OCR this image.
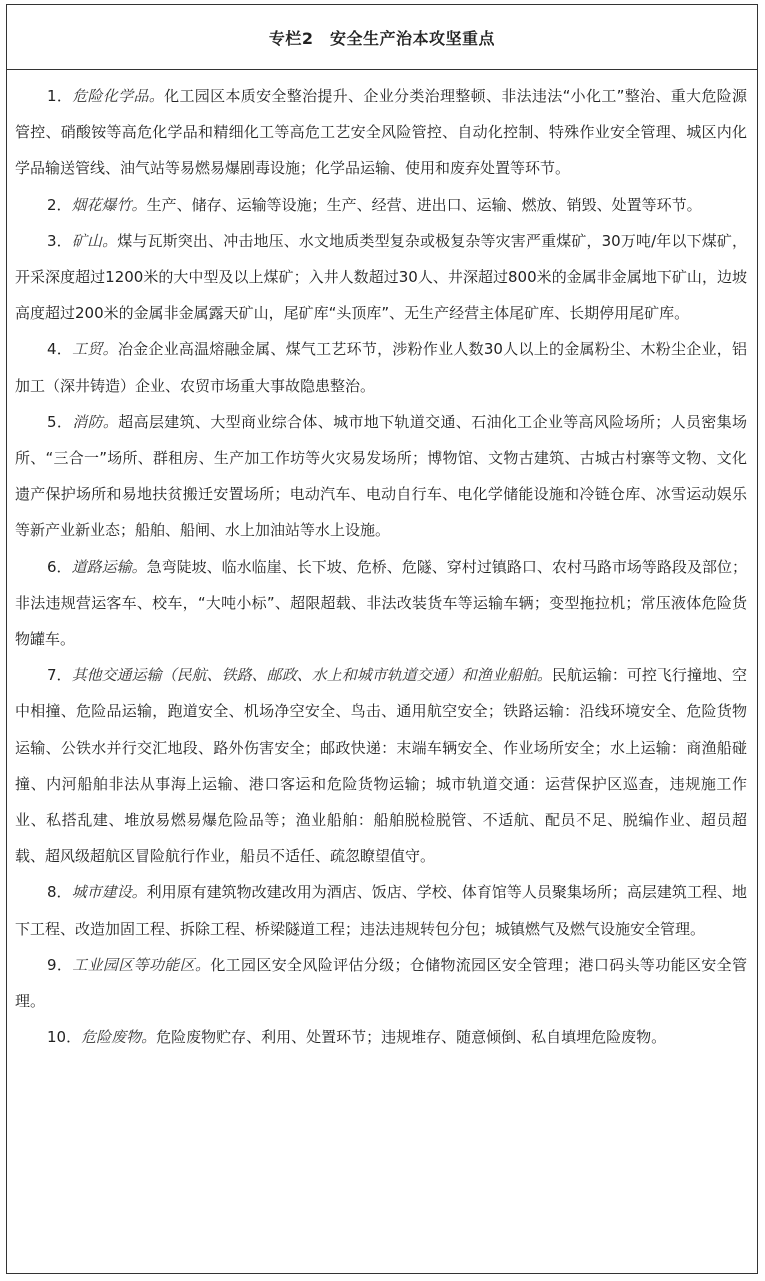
专栏2　安全生产治本攻坚重点

1．危险化学品。化工园区本质安全整治提升、企业分类治理整顿、非法违法“小化工”整治、重大危险源管控、硝酸铵等高危化学品和精细化工等高危工艺安全风险管控、自动化控制、特殊作业安全管理、城区内化学品输送管线、油气站等易燃易爆剧毒设施；化学品运输、使用和废弃处置等环节。

2．烟花爆竹。生产、储存、运输等设施；生产、经营、进出口、运输、燃放、销毁、处置等环节。

3．矿山。煤与瓦斯突出、冲击地压、水文地质类型复杂或极复杂等灾害严重煤矿，30万吨/年以下煤矿，开采深度超过1200米的大中型及以上煤矿；入井人数超过30人、井深超过800米的金属非金属地下矿山，边坡高度超过200米的金属非金属露天矿山，尾矿库“头顶库”、无生产经营主体尾矿库、长期停用尾矿库。

4．工贸。冶金企业高温熔融金属、煤气工艺环节，涉粉作业人数30人以上的金属粉尘、木粉尘企业，铝加工（深井铸造）企业、农贸市场重大事故隐患整治。

5．消防。超高层建筑、大型商业综合体、城市地下轨道交通、石油化工企业等高风险场所；人员密集场所、“三合一”场所、群租房、生产加工作坊等火灾易发场所；博物馆、文物古建筑、古城古村寨等文物、文化遗产保护场所和易地扶贫搬迁安置场所；电动汽车、电动自行车、电化学储能设施和冷链仓库、冰雪运动娱乐等新产业新业态；船舶、船闸、水上加油站等水上设施。

6．道路运输。急弯陡坡、临水临崖、长下坡、危桥、危隧、穿村过镇路口、农村马路市场等路段及部位；非法违规营运客车、校车，“大吨小标”、超限超载、非法改装货车等运输车辆；变型拖拉机；常压液体危险货物罐车。

7．其他交通运输（民航、铁路、邮政、水上和城市轨道交通）和渔业船舶。民航运输：可控飞行撞地、空中相撞、危险品运输，跑道安全、机场净空安全、鸟击、通用航空安全；铁路运输：沿线环境安全、危险货物运输、公铁水并行交汇地段、路外伤害安全；邮政快递：末端车辆安全、作业场所安全；水上运输：商渔船碰撞、内河船舶非法从事海上运输、港口客运和危险货物运输；城市轨道交通：运营保护区巡查，违规施工作业、私搭乱建、堆放易燃易爆危险品等；渔业船舶：船舶脱检脱管、不适航、配员不足、脱编作业、超员超载、超风级超航区冒险航行作业，船员不适任、疏忽瞭望值守。

8．城市建设。利用原有建筑物改建改用为酒店、饭店、学校、体育馆等人员聚集场所；高层建筑工程、地下工程、改造加固工程、拆除工程、桥梁隧道工程；违法违规转包分包；城镇燃气及燃气设施安全管理。

9．工业园区等功能区。化工园区安全风险评估分级；仓储物流园区安全管理；港口码头等功能区安全管理。

10．危险废物。危险废物贮存、利用、处置环节；违规堆存、随意倾倒、私自填埋危险废物。
